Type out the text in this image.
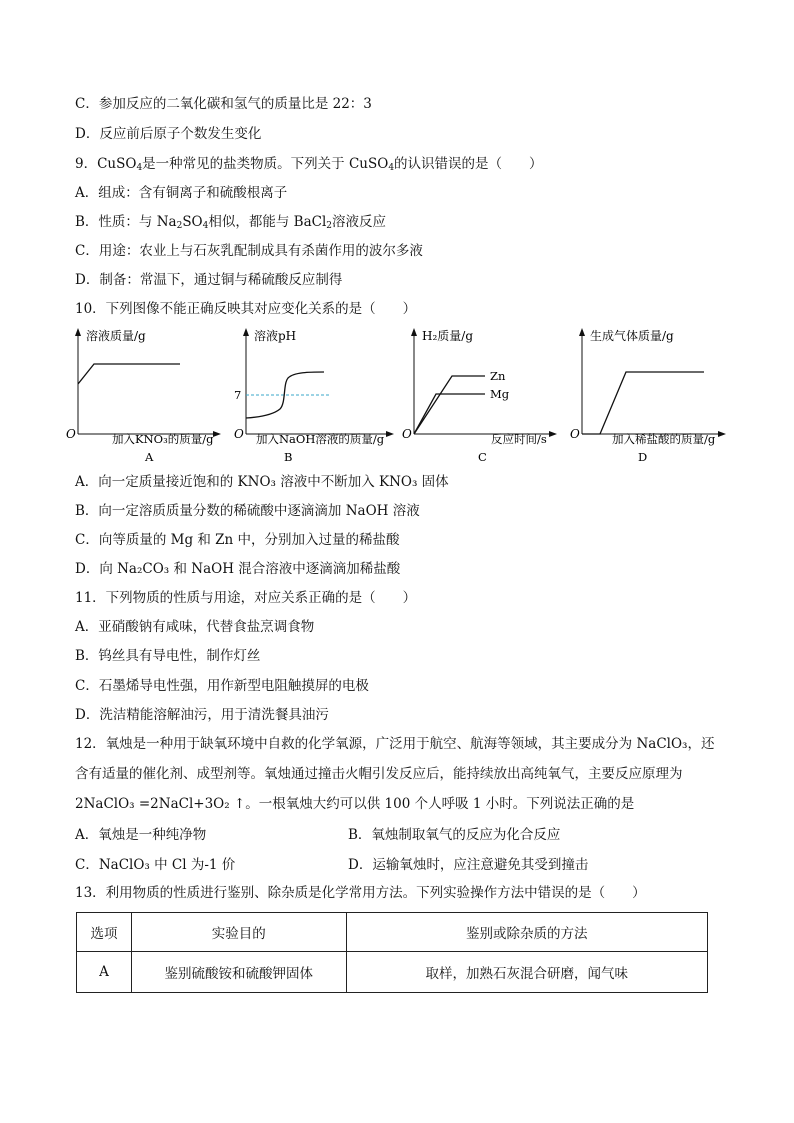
C．参加反应的二氧化碳和氢气的质量比是 22：3
D．反应前后原子个数发生变化
9．CuSO$_4$是一种常见的盐类物质。下列关于 CuSO$_4$的认识错误的是（　　）
A．组成：含有铜离子和硫酸根离子
B．性质：与 $Na_2SO_4$相似，都能与 BaCl$_2$溶液反应
C．用途：农业上与石灰乳配制成具有杀菌作用的波尔多液
D．制备：常温下，通过铜与稀硫酸反应制得
10．下列图像不能正确反映其对应变化关系的是（　　）
溶液质量/g
O	加入KNO₃的质量/g
A
溶液pH
7
O 加入NaOH溶液的质量/g
B
H₂质量/g
Zn
Mg
O	反应时间/s
C
生成气体质量/g
O	加入稀盐酸的质量/g
D
A．向一定质量接近饱和的 KNO₃ 溶液中不断加入 KNO₃ 固体
B．向一定溶质质量分数的稀硫酸中逐滴滴加 NaOH 溶液
C．向等质量的 Mg 和 Zn 中，分别加入过量的稀盐酸
D．向 Na₂CO₃ 和 NaOH 混合溶液中逐滴滴加稀盐酸
11．下列物质的性质与用途，对应关系正确的是（　　）
A．亚硝酸钠有咸味，代替食盐烹调食物
B．钨丝具有导电性，制作灯丝
C．石墨烯导电性强，用作新型电阻触摸屏的电极
D．洗洁精能溶解油污，用于清洗餐具油污
12．氧烛是一种用于缺氧环境中自救的化学氧源，广泛用于航空、航海等领域，其主要成分为 NaClO₃，还
含有适量的催化剂、成型剂等。氧烛通过撞击火帽引发反应后，能持续放出高纯氧气，主要反应原理为
2NaClO₃ =2NaCl+3O₂ ↑。一根氧烛大约可以供 100 个人呼吸 1 小时。下列说法正确的是
A．氧烛是一种纯净物	B．氧烛制取氧气的反应为化合反应
C．NaClO₃ 中 Cl 为-1 价	D．运输氧烛时，应注意避免其受到撞击
13．利用物质的性质进行鉴别、除杂质是化学常用方法。下列实验操作方法中错误的是（　　）
选项	实验目的	鉴别或除杂质的方法
A	鉴别硫酸铵和硫酸钾固体	取样，加熟石灰混合研磨，闻气味
